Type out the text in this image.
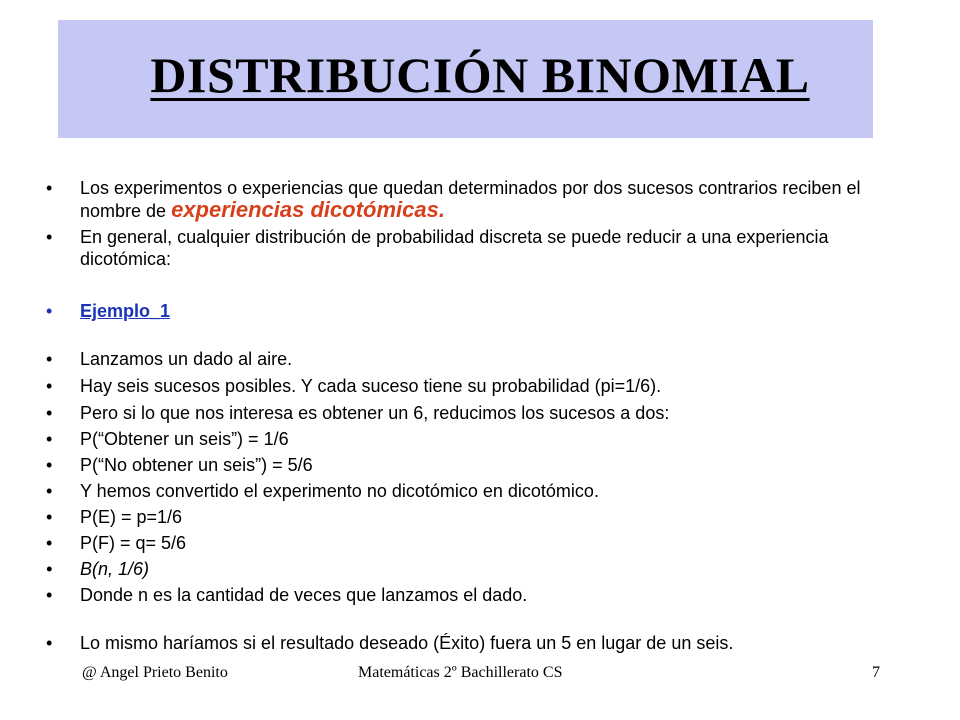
DISTRIBUCIÓN BINOMIAL
• Los experimentos o experiencias que quedan determinados por dos sucesos contrarios reciben el nombre de experiencias dicotómicas.
• En general, cualquier distribución de probabilidad discreta se puede reducir a una experiencia dicotómica:
• Ejemplo_1
• Lanzamos un dado al aire.
• Hay seis sucesos posibles. Y cada suceso tiene su probabilidad (pi=1/6).
• Pero si lo que nos interesa es obtener un 6, reducimos los sucesos a dos:
• P(“Obtener un seis”) = 1/6
• P(“No obtener un seis”) = 5/6
• Y hemos convertido el experimento no dicotómico en dicotómico.
• P(E) = p=1/6
• P(F) = q= 5/6
• B(n, 1/6)
• Donde n es la cantidad de veces que lanzamos el dado.
• Lo mismo haríamos si el resultado deseado (Éxito) fuera un 5 en lugar de un seis.
@ Angel Prieto Benito	Matemáticas 2º Bachillerato CS	7
